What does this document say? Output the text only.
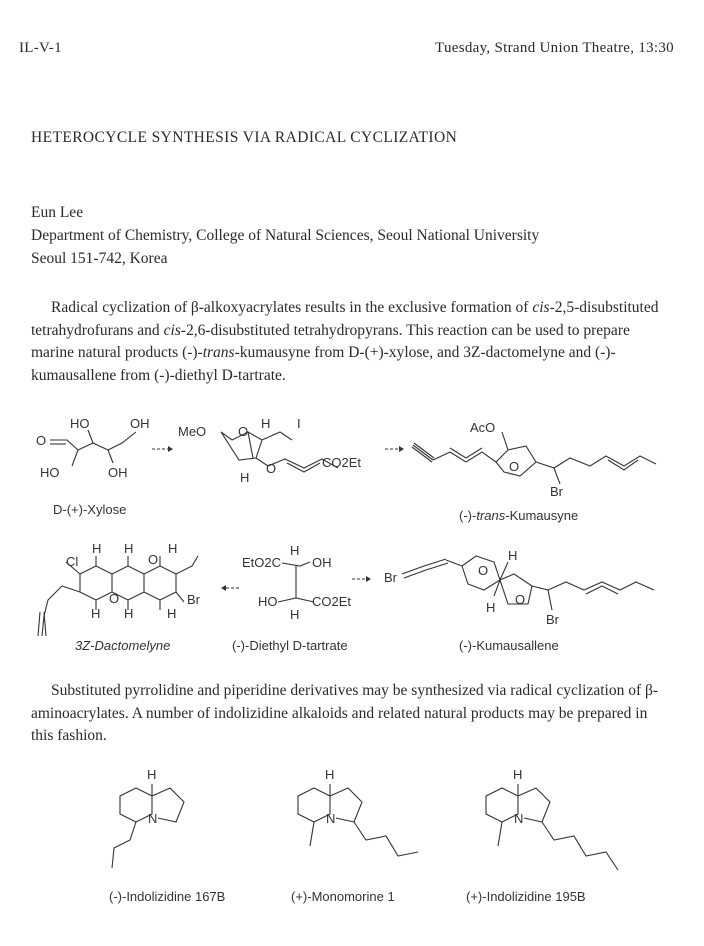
IL-V-1	Tuesday, Strand Union Theatre, 13:30
HETEROCYCLE SYNTHESIS VIA RADICAL CYCLIZATION
Eun Lee
Department of Chemistry, College of Natural Sciences, Seoul National University
Seoul 151-742, Korea
Radical cyclization of β-alkoxyacrylates results in the exclusive formation of cis-2,5-disubstituted tetrahydrofurans and cis-2,6-disubstituted tetrahydropyrans. This reaction can be used to prepare marine natural products (-)-trans-kumausyne from D-(+)-xylose, and 3Z-dactomelyne and (-)-kumausallene from (-)-diethyl D-tartrate.
Substituted pyrrolidine and piperidine derivatives may be synthesized via radical cyclization of β-aminoacrylates. A number of indolizidine alkaloids and related natural products may be prepared in this fashion.
O
HO	OH
HO	OH
D-(+)-Xylose
MeO O
H I
H
O	CO2Et
AcO
O
Br
(-)-trans-Kumausyne
Cl
H H	H
O
O
H H	H
Br
3Z-Dactomelyne
EtO2C
H
OH
HO	CO2Et
H
(-)-Diethyl D-tartrate
Br	O
H
H
O
Br
(-)-Kumausallene
H
N
(-)-Indolizidine 167B
H
N
(+)-Monomorine 1
H
N
(+)-Indolizidine 195B
